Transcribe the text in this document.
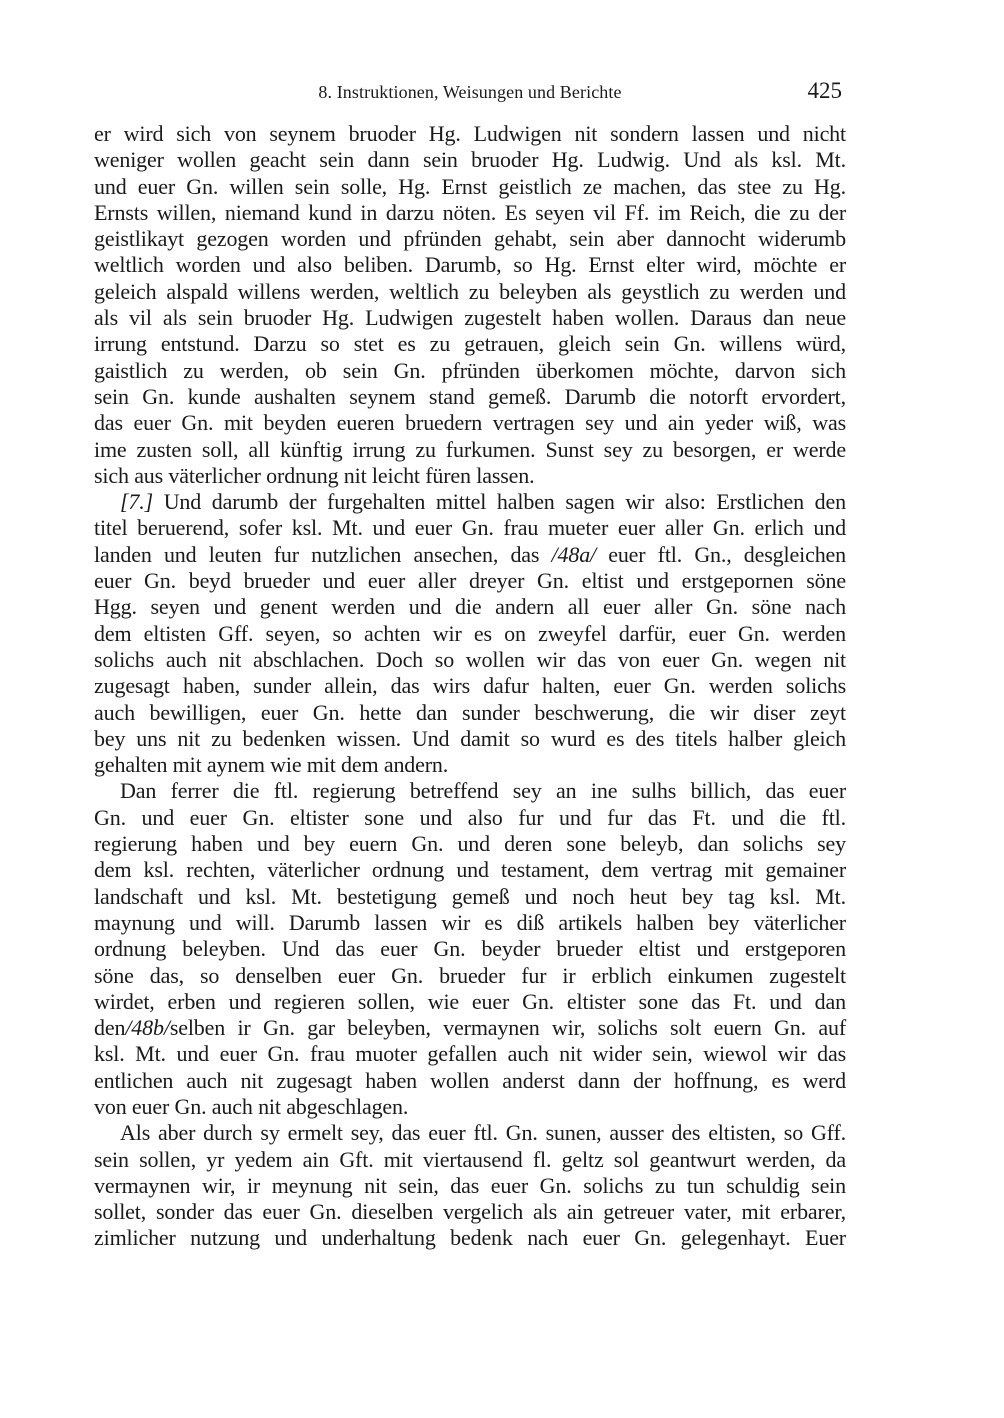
8. Instruktionen, Weisungen und Berichte	425
er wird sich von seynem bruoder Hg. Ludwigen nit sondern lassen und nicht
weniger wollen geacht sein dann sein bruoder Hg. Ludwig. Und als ksl. Mt.
und euer Gn. willen sein solle, Hg. Ernst geistlich ze machen, das stee zu Hg.
Ernsts willen, niemand kund in darzu nöten. Es seyen vil Ff. im Reich, die zu der
geistlikayt gezogen worden und pfründen gehabt, sein aber dannocht widerumb
weltlich worden und also beliben. Darumb, so Hg. Ernst elter wird, möchte er
geleich alspald willens werden, weltlich zu beleyben als geystlich zu werden und
als vil als sein bruoder Hg. Ludwigen zugestelt haben wollen. Daraus dan neue
irrung entstund. Darzu so stet es zu getrauen, gleich sein Gn. willens würd,
gaistlich zu werden, ob sein Gn. pfründen überkomen möchte, darvon sich
sein Gn. kunde aushalten seynem stand gemeß. Darumb die notorft ervordert,
das euer Gn. mit beyden eueren bruedern vertragen sey und ain yeder wiß, was
ime zusten soll, all künftig irrung zu furkumen. Sunst sey zu besorgen, er werde
sich aus väterlicher ordnung nit leicht füren lassen.
[7.] Und darumb der furgehalten mittel halben sagen wir also: Erstlichen den
titel beruerend, sofer ksl. Mt. und euer Gn. frau mueter euer aller Gn. erlich und
landen und leuten fur nutzlichen ansechen, das /48a/ euer ftl. Gn., desgleichen
euer Gn. beyd brueder und euer aller dreyer Gn. eltist und erstgepornen söne
Hgg. seyen und genent werden und die andern all euer aller Gn. söne nach
dem eltisten Gff. seyen, so achten wir es on zweyfel darfür, euer Gn. werden
solichs auch nit abschlachen. Doch so wollen wir das von euer Gn. wegen nit
zugesagt haben, sunder allein, das wirs dafur halten, euer Gn. werden solichs
auch bewilligen, euer Gn. hette dan sunder beschwerung, die wir diser zeyt
bey uns nit zu bedenken wissen. Und damit so wurd es des titels halber gleich
gehalten mit aynem wie mit dem andern.
Dan ferrer die ftl. regierung betreffend sey an ine sulhs billich, das euer
Gn. und euer Gn. eltister sone und also fur und fur das Ft. und die ftl.
regierung haben und bey euern Gn. und deren sone beleyb, dan solichs sey
dem ksl. rechten, väterlicher ordnung und testament, dem vertrag mit gemainer
landschaft und ksl. Mt. bestetigung gemeß und noch heut bey tag ksl. Mt.
maynung und will. Darumb lassen wir es diß artikels halben bey väterlicher
ordnung beleyben. Und das euer Gn. beyder brueder eltist und erstgeporen
söne das, so denselben euer Gn. brueder fur ir erblich einkumen zugestelt
wirdet, erben und regieren sollen, wie euer Gn. eltister sone das Ft. und dan
den/48b/selben ir Gn. gar beleyben, vermaynen wir, solichs solt euern Gn. auf
ksl. Mt. und euer Gn. frau muoter gefallen auch nit wider sein, wiewol wir das
entlichen auch nit zugesagt haben wollen anderst dann der hoffnung, es werd
von euer Gn. auch nit abgeschlagen.
Als aber durch sy ermelt sey, das euer ftl. Gn. sunen, ausser des eltisten, so Gff.
sein sollen, yr yedem ain Gft. mit viertausend fl. geltz sol geantwurt werden, da
vermaynen wir, ir meynung nit sein, das euer Gn. solichs zu tun schuldig sein
sollet, sonder das euer Gn. dieselben vergelich als ain getreuer vater, mit erbarer,
zimlicher nutzung und underhaltung bedenk nach euer Gn. gelegenhayt. Euer
